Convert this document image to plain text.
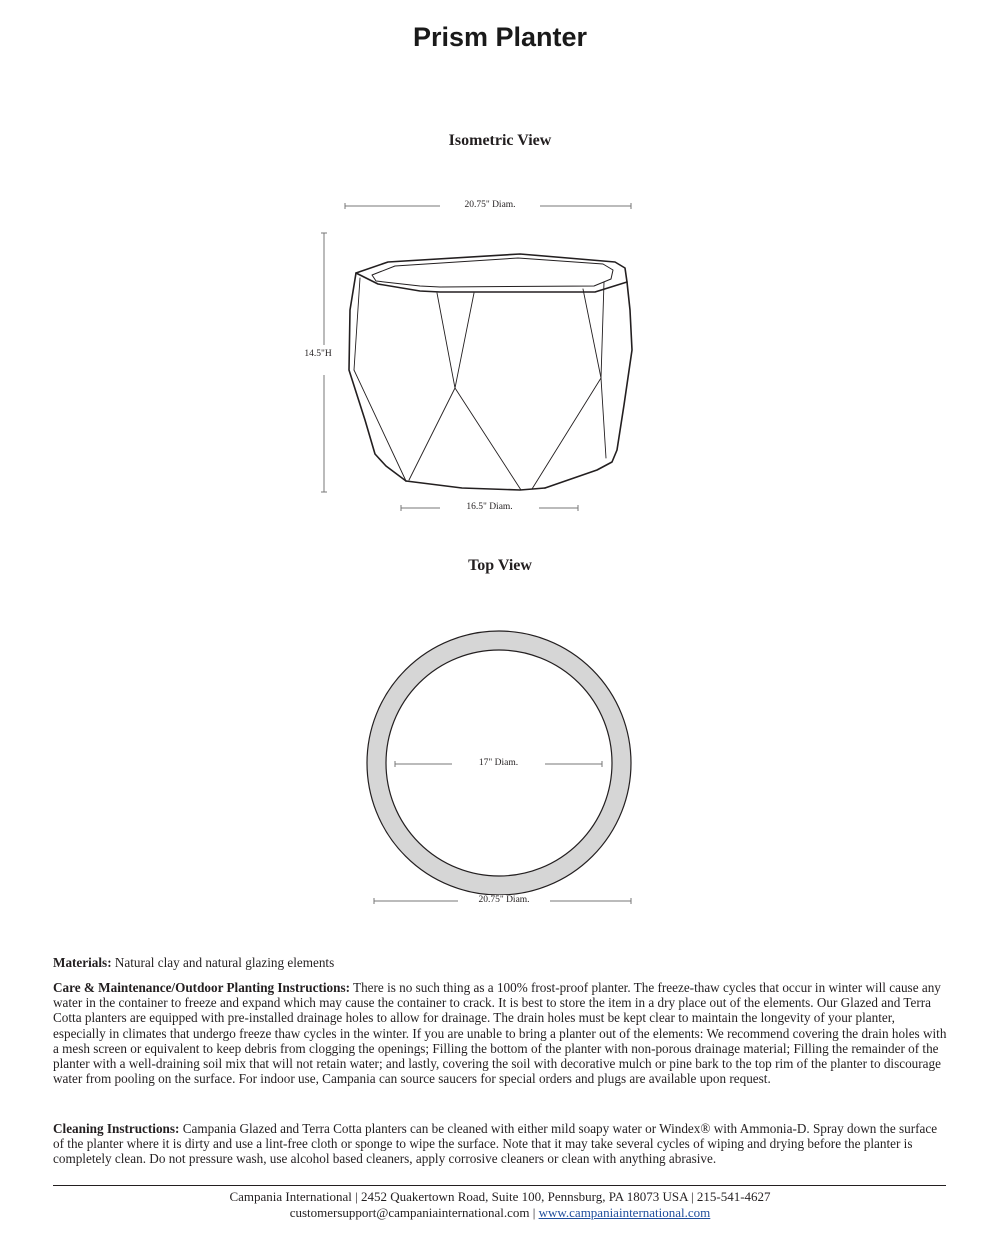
Prism Planter
Isometric View
20.75" Diam.
14.5"H
16.5" Diam.
Top View
17" Diam.
20.75" Diam.
Materials: Natural clay and natural glazing elements
Care & Maintenance/Outdoor Planting Instructions: There is no such thing as a 100% frost-proof planter. The freeze-thaw cycles that occur in winter will cause any water in the container to freeze and expand which may cause the container to crack. It is best to store the item in a dry place out of the elements. Our Glazed and Terra Cotta planters are equipped with pre-installed drainage holes to allow for drainage. The drain holes must be kept clear to maintain the longevity of your planter, especially in climates that undergo freeze thaw cycles in the winter. If you are unable to bring a planter out of the elements: We recommend covering the drain holes with a mesh screen or equivalent to keep debris from clogging the openings; Filling the bottom of the planter with non-porous drainage material; Filling the remainder of the planter with a well-draining soil mix that will not retain water; and lastly, covering the soil with decorative mulch or pine bark to the top rim of the planter to discourage water from pooling on the surface. For indoor use, Campania can source saucers for special orders and plugs are available upon request.
Cleaning Instructions: Campania Glazed and Terra Cotta planters can be cleaned with either mild soapy water or Windex® with Ammonia-D. Spray down the surface of the planter where it is dirty and use a lint-free cloth or sponge to wipe the surface. Note that it may take several cycles of wiping and drying before the planter is completely clean. Do not pressure wash, use alcohol based cleaners, apply corrosive cleaners or clean with anything abrasive.
Campania International | 2452 Quakertown Road, Suite 100, Pennsburg, PA 18073 USA | 215-541-4627
customersupport@campaniainternational.com | www.campaniainternational.com
